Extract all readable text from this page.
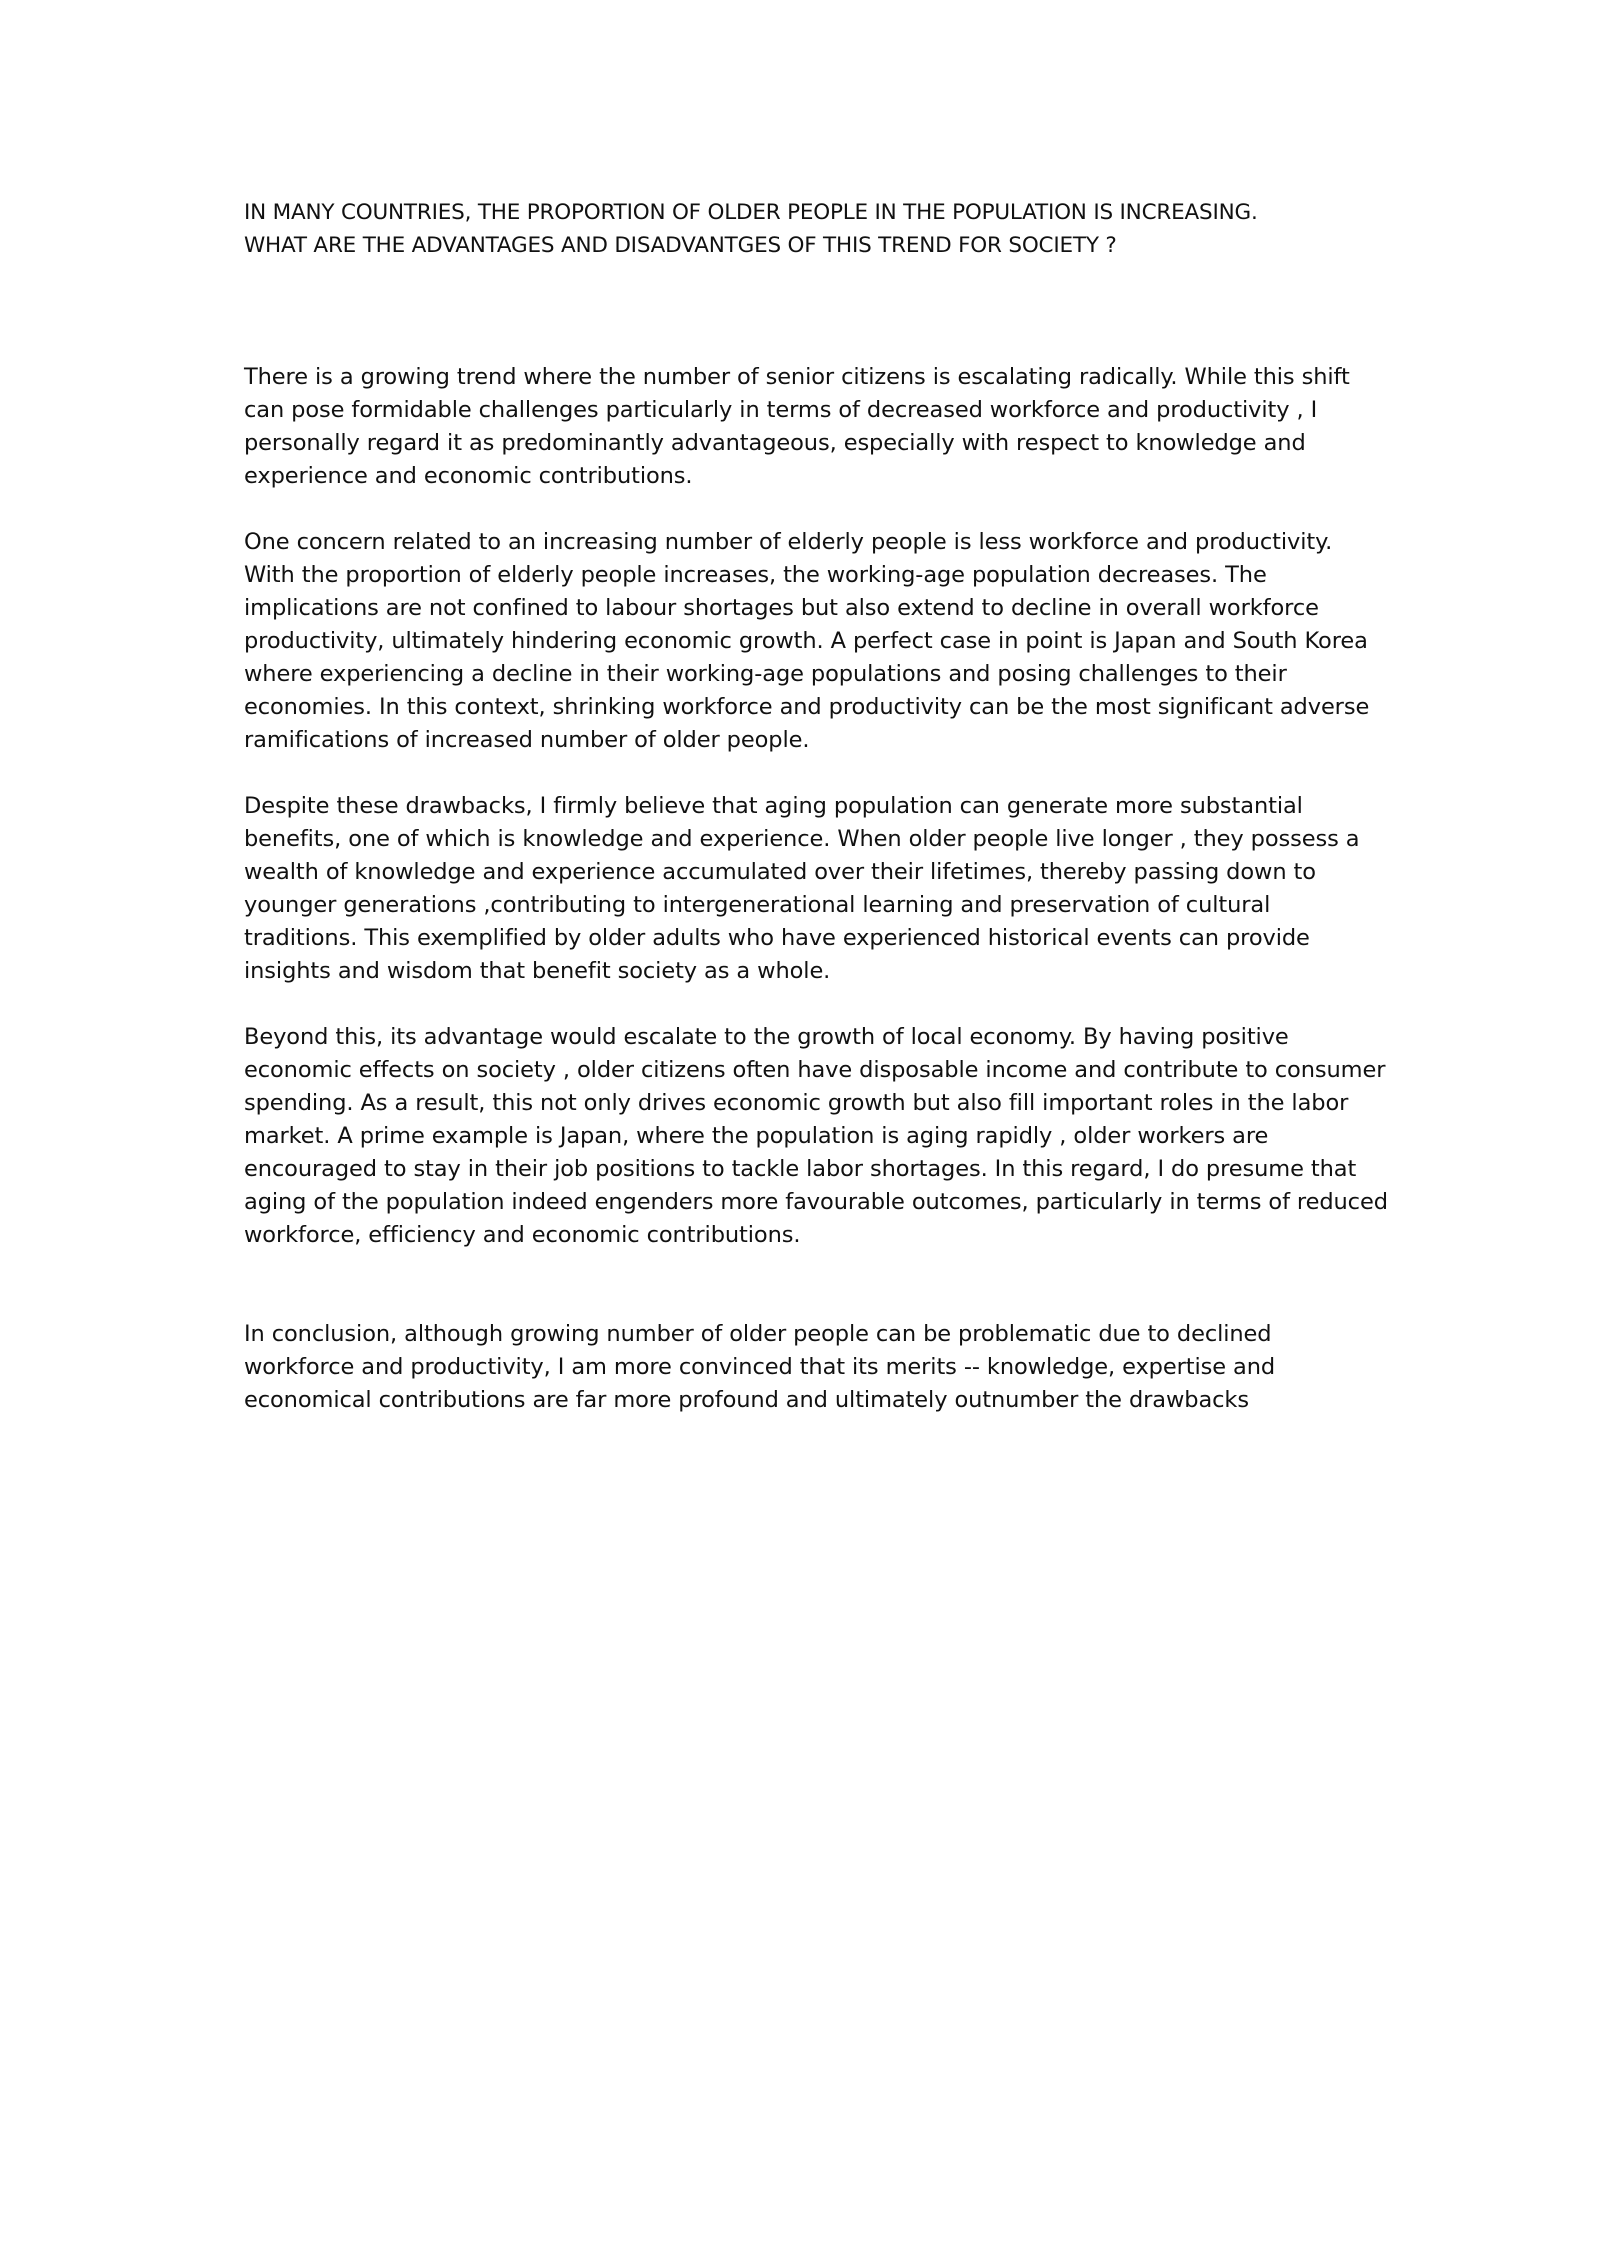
IN MANY COUNTRIES, THE PROPORTION OF OLDER PEOPLE IN THE POPULATION IS INCREASING.
WHAT ARE THE ADVANTAGES AND DISADVANTGES OF THIS TREND FOR SOCIETY ?
There is a growing trend where the number of senior citizens is escalating radically. While this shift
can pose formidable challenges particularly in terms of decreased workforce and productivity , I
personally regard it as predominantly advantageous, especially with respect to knowledge and
experience and economic contributions.
One concern related to an increasing number of elderly people is less workforce and productivity.
With the proportion of elderly people increases, the working-age population decreases. The
implications are not confined to labour shortages but also extend to decline in overall workforce
productivity, ultimately hindering economic growth. A perfect case in point is Japan and South Korea
where experiencing a decline in their working-age populations and posing challenges to their
economies. In this context, shrinking workforce and productivity can be the most significant adverse
ramifications of increased number of older people.
Despite these drawbacks, I firmly believe that aging population can generate more substantial
benefits, one of which is knowledge and experience. When older people live longer , they possess a
wealth of knowledge and experience accumulated over their lifetimes, thereby passing down to
younger generations ,contributing to intergenerational learning and preservation of cultural
traditions. This exemplified by older adults who have experienced historical events can provide
insights and wisdom that benefit society as a whole.
Beyond this, its advantage would escalate to the growth of local economy. By having positive
economic effects on society , older citizens often have disposable income and contribute to consumer
spending. As a result, this not only drives economic growth but also fill important roles in the labor
market. A prime example is Japan, where the population is aging rapidly , older workers are
encouraged to stay in their job positions to tackle labor shortages. In this regard, I do presume that
aging of the population indeed engenders more favourable outcomes, particularly in terms of reduced
workforce, efficiency and economic contributions.
In conclusion, although growing number of older people can be problematic due to declined
workforce and productivity, I am more convinced that its merits -- knowledge, expertise and
economical contributions are far more profound and ultimately outnumber the drawbacks
